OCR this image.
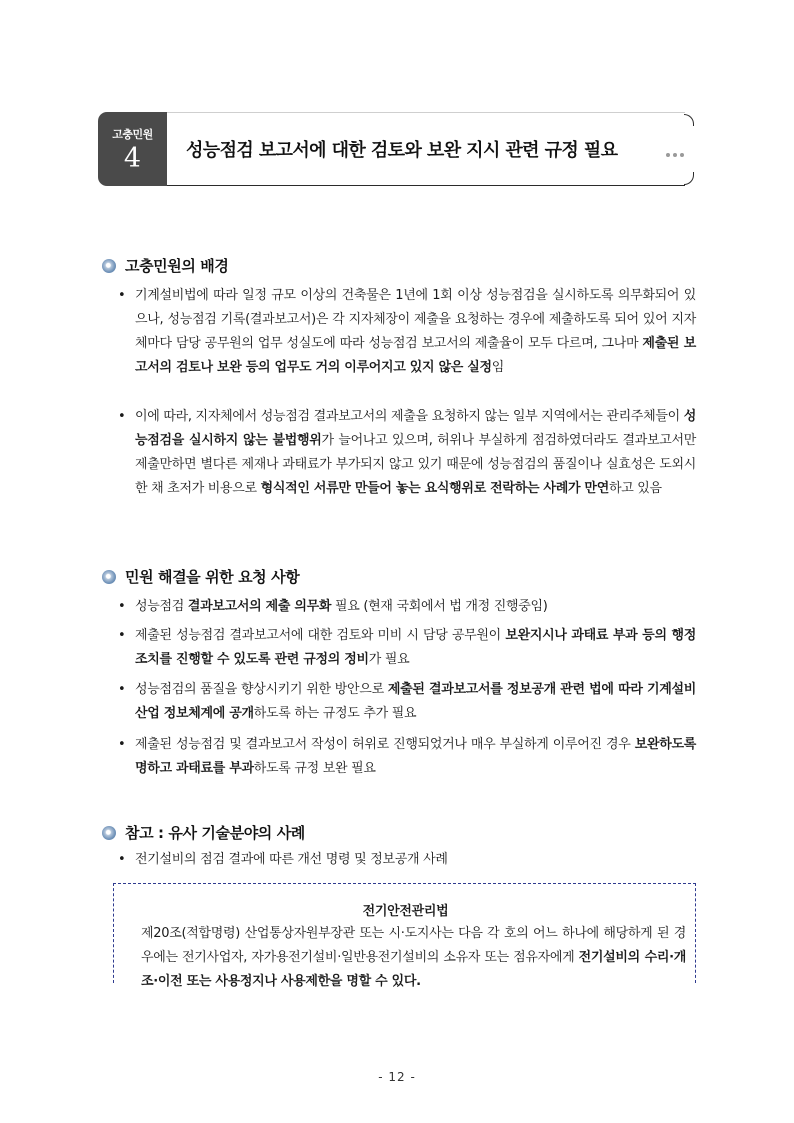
고충민원
4	성능점검 보고서에 대한 검토와 보완 지시 관련 규정 필요
고충민원의 배경
• 기계설비법에 따라 일정 규모 이상의 건축물은 1년에 1회 이상 성능점검을 실시하도록 의무화되어 있으나, 성능점검 기록(결과보고서)은 각 지자체장이 제출을 요청하는 경우에 제출하도록 되어 있어 지자체마다 담당 공무원의 업무 성실도에 따라 성능점검 보고서의 제출율이 모두 다르며, 그나마 제출된 보고서의 검토나 보완 등의 업무도 거의 이루어지고 있지 않은 실정임
• 이에 따라, 지자체에서 성능점검 결과보고서의 제출을 요청하지 않는 일부 지역에서는 관리주체들이 성능점검을 실시하지 않는 불법행위가 늘어나고 있으며, 허위나 부실하게 점검하였더라도 결과보고서만 제출만하면 별다른 제재나 과태료가 부가되지 않고 있기 때문에 성능점검의 품질이나 실효성은 도외시한 채 초저가 비용으로 형식적인 서류만 만들어 놓는 요식행위로 전락하는 사례가 만연하고 있음
민원 해결을 위한 요청 사항
• 성능점검 결과보고서의 제출 의무화 필요 (현재 국회에서 법 개정 진행중임)
• 제출된 성능점검 결과보고서에 대한 검토와 미비 시 담당 공무원이 보완지시나 과태료 부과 등의 행정조치를 진행할 수 있도록 관련 규정의 정비가 필요
• 성능점검의 품질을 향상시키기 위한 방안으로 제출된 결과보고서를 정보공개 관련 법에 따라 기계설비산업 정보체계에 공개하도록 하는 규정도 추가 필요
• 제출된 성능점검 및 결과보고서 작성이 허위로 진행되었거나 매우 부실하게 이루어진 경우 보완하도록 명하고 과태료를 부과하도록 규정 보완 필요
참고 : 유사 기술분야의 사례
• 전기설비의 점검 결과에 따른 개선 명령 및 정보공개 사례
전기안전관리법
제20조(적합명령) 산업통상자원부장관 또는 시·도지사는 다음 각 호의 어느 하나에 해당하게 된 경우에는 전기사업자, 자가용전기설비·일반용전기설비의 소유자 또는 점유자에게 전기설비의 수리·개조·이전 또는 사용정지나 사용제한을 명할 수 있다.
- 12 -
